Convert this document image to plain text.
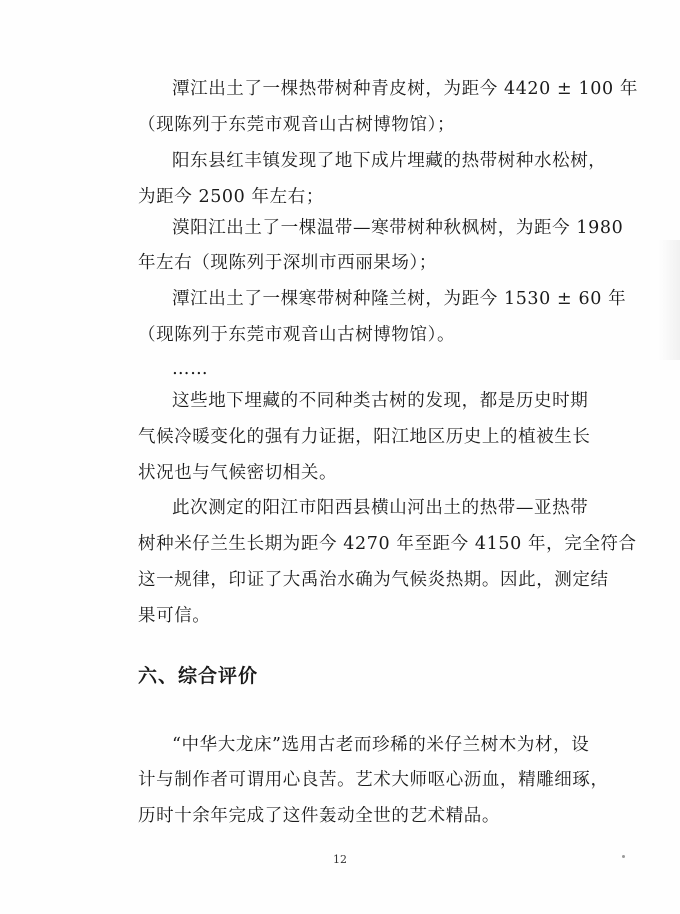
潭江出土了一棵热带树种青皮树，为距今 4420 ± 100 年
（现陈列于东莞市观音山古树博物馆）；
阳东县红丰镇发现了地下成片埋藏的热带树种水松树，
为距今 2500 年左右；
漠阳江出土了一棵温带—寒带树种秋枫树，为距今 1980
年左右（现陈列于深圳市西丽果场）；
潭江出土了一棵寒带树种隆兰树，为距今 1530 ± 60 年
（现陈列于东莞市观音山古树博物馆）。
……
这些地下埋藏的不同种类古树的发现，都是历史时期
气候冷暖变化的强有力证据，阳江地区历史上的植被生长
状况也与气候密切相关。
此次测定的阳江市阳西县横山河出土的热带—亚热带
树种米仔兰生长期为距今 4270 年至距今 4150 年，完全符合
这一规律，印证了大禹治水确为气候炎热期。因此，测定结
果可信。
六、综合评价
“中华大龙床”选用古老而珍稀的米仔兰树木为材，设
计与制作者可谓用心良苦。艺术大师呕心沥血，精雕细琢，
历时十余年完成了这件轰动全世的艺术精品。
12
